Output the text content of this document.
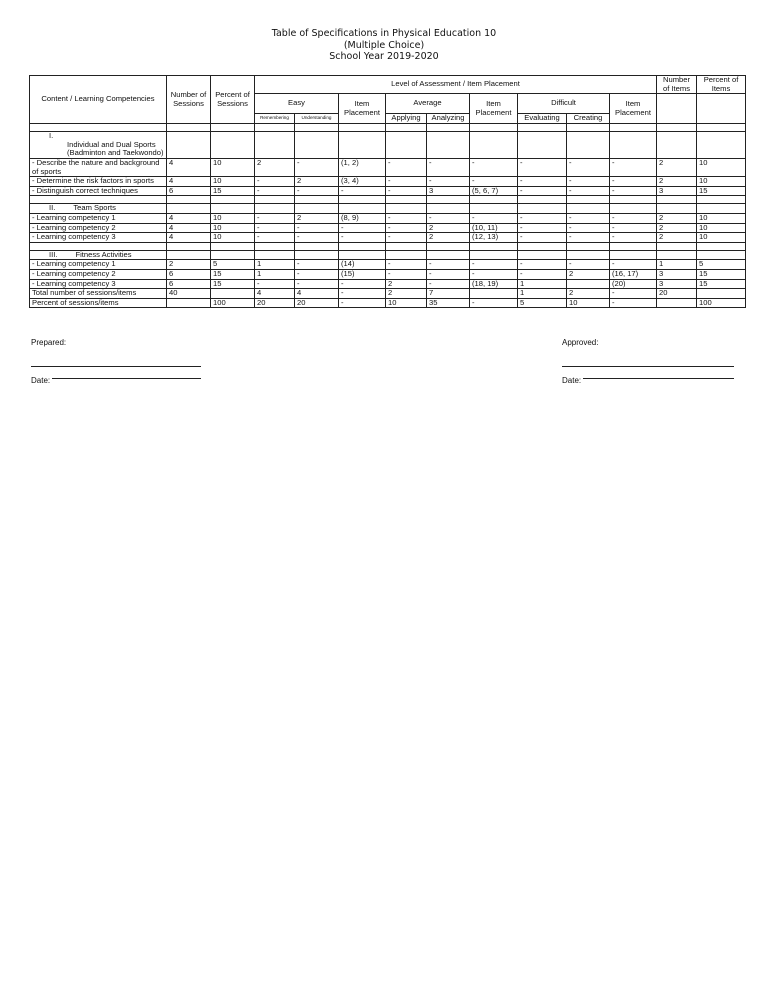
Table of Specifications in Physical Education 10
(Multiple Choice)
School Year 2019-2020
Content / Learning Competencies	Number of Sessions	Percent of Sessions	Level of Assessment / Item Placement									Number of Items	Percent of Items
			Easy		Item Placement	Average		Item Placement	Difficult		Item Placement		
			Remembering	Understanding		Applying	Analyzing		Evaluating	Creating			

I.Individual and Dual Sports (Badminton and Taekwondo)													
- Describe the nature and background of sports	4	10	2	-	(1, 2)	-	-	-	-	-	-	2	10
- Determine the risk factors in sports	4	10	-	2	(3, 4)	-	-	-	-	-	-	2	10
- Distinguish correct techniques	6	15	-	-	-	-	3	(5, 6, 7)	-	-	-	3	15

II. Team Sports													
- Learning competency 1	4	10	-	2	(8, 9)	-	-	-	-	-	-	2	10
- Learning competency 2	4	10	-	-	-	-	2	(10, 11)	-	-	-	2	10
- Learning competency 3	4	10	-	-	-	-	2	(12, 13)	-	-	-	2	10

III. Fitness Activities													
- Learning competency 1	2	5	1	-	(14)	-	-	-	-	-	-	1	5
- Learning competency 2	6	15	1	-	(15)	-	-	-	-	2	(16, 17)	3	15
- Learning competency 3	6	15	-	-	-	2	-	(18, 19)	1		(20)	3	15
Total number of sessions/items	40		4	4	-	2	7		1	2	-	20	
Percent of sessions/items		100	20	20	-	10	35	-	5	10	-		100
Prepared:
Date:
Approved:
Date:
